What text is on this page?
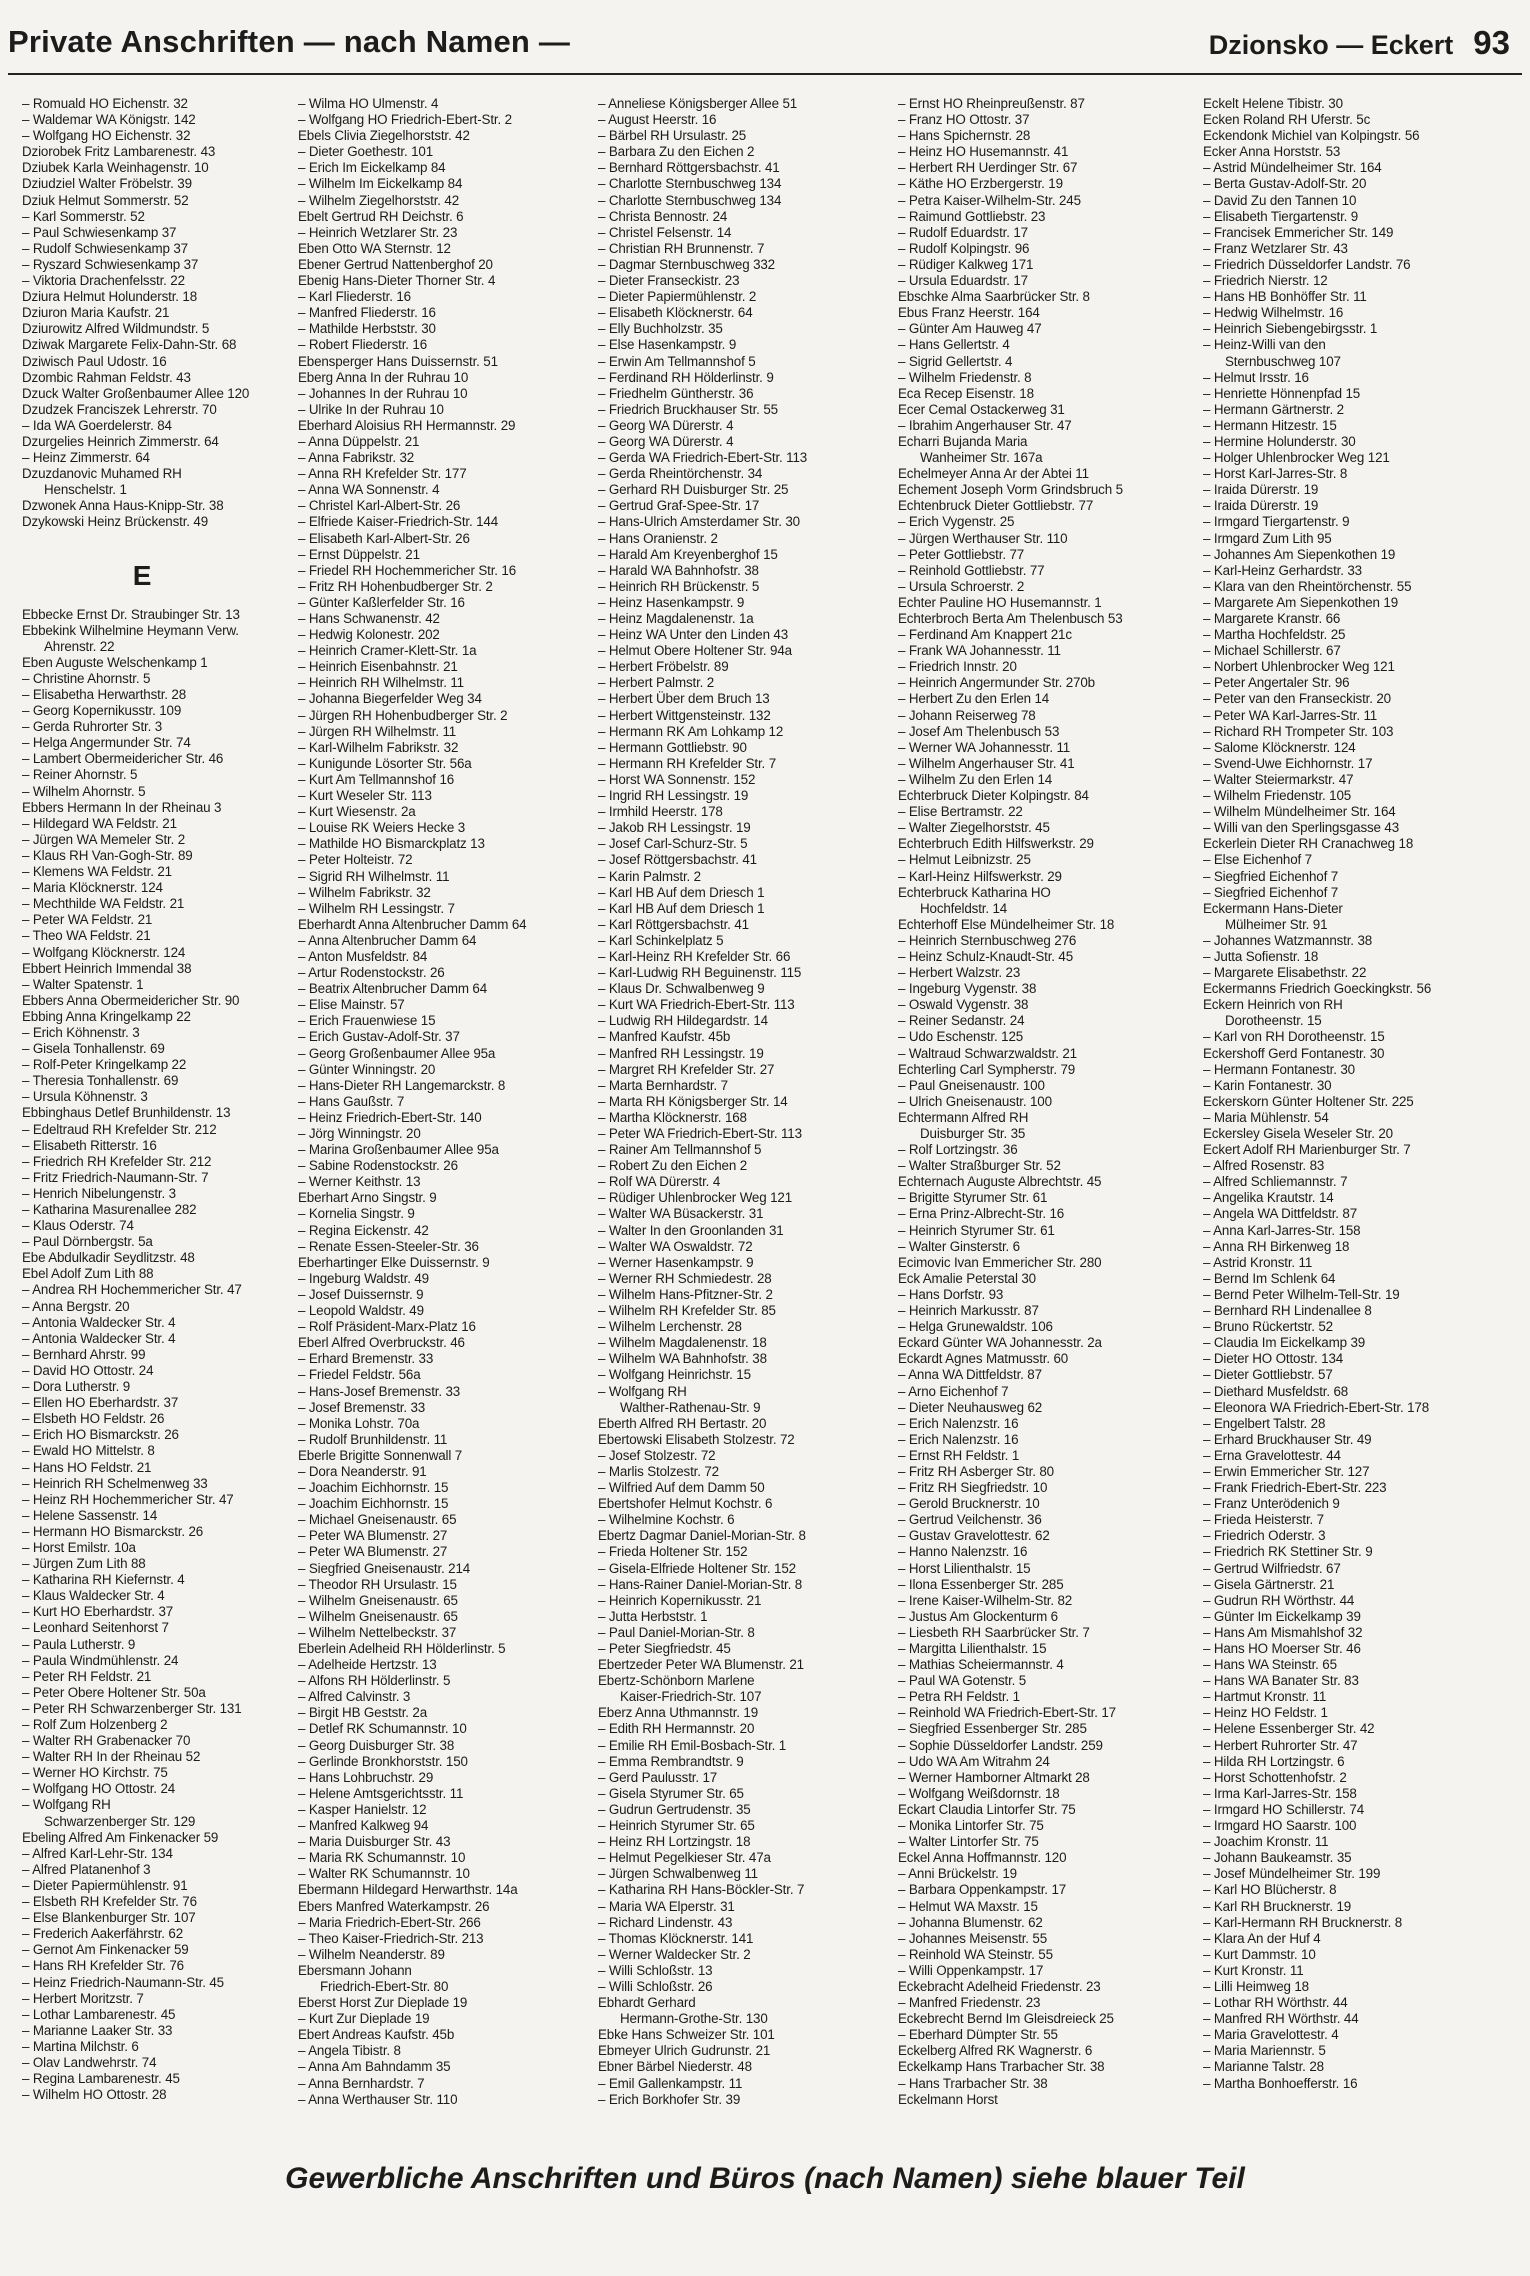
Private Anschriften — nach Namen —	Dzionsko — Eckert 93
– Romuald HO Eichenstr. 32
– Waldemar WA Königstr. 142
– Wolfgang HO Eichenstr. 32
Dziorobek Fritz Lambarenestr. 43
Dziubek Karla Weinhagenstr. 10
Dziudziel Walter Fröbelstr. 39
Dziuk Helmut Sommerstr. 52
– Karl Sommerstr. 52
– Paul Schwiesenkamp 37
– Rudolf Schwiesenkamp 37
– Ryszard Schwiesenkamp 37
– Viktoria Drachenfelsstr. 22
Dziura Helmut Holunderstr. 18
Dziuron Maria Kaufstr. 21
Dziurowitz Alfred Wildmundstr. 5
Dziwak Margarete Felix-Dahn-Str. 68
Dziwisch Paul Udostr. 16
Dzombic Rahman Feldstr. 43
Dzuck Walter Großenbaumer Allee 120
Dzudzek Franciszek Lehrerstr. 70
– Ida WA Goerdelerstr. 84
Dzurgelies Heinrich Zimmerstr. 64
– Heinz Zimmerstr. 64
Dzuzdanovic Muhamed RH
Henschelstr. 1
Dzwonek Anna Haus-Knipp-Str. 38
Dzykowski Heinz Brückenstr. 49
E
Ebbecke Ernst Dr. Straubinger Str. 13
Ebbekink Wilhelmine Heymann Verw.
Ahrenstr. 22
Eben Auguste Welschenkamp 1
– Christine Ahornstr. 5
– Elisabetha Herwarthstr. 28
– Georg Kopernikusstr. 109
– Gerda Ruhrorter Str. 3
– Helga Angermunder Str. 74
– Lambert Obermeidericher Str. 46
– Reiner Ahornstr. 5
– Wilhelm Ahornstr. 5
Ebbers Hermann In der Rheinau 3
– Hildegard WA Feldstr. 21
– Jürgen WA Memeler Str. 2
– Klaus RH Van-Gogh-Str. 89
– Klemens WA Feldstr. 21
– Maria Klöcknerstr. 124
– Mechthilde WA Feldstr. 21
– Peter WA Feldstr. 21
– Theo WA Feldstr. 21
– Wolfgang Klöcknerstr. 124
Ebbert Heinrich Immendal 38
– Walter Spatenstr. 1
Ebbers Anna Obermeidericher Str. 90
Ebbing Anna Kringelkamp 22
– Erich Köhnenstr. 3
– Gisela Tonhallenstr. 69
– Rolf-Peter Kringelkamp 22
– Theresia Tonhallenstr. 69
– Ursula Köhnenstr. 3
Ebbinghaus Detlef Brunhildenstr. 13
– Edeltraud RH Krefelder Str. 212
– Elisabeth Ritterstr. 16
– Friedrich RH Krefelder Str. 212
– Fritz Friedrich-Naumann-Str. 7
– Henrich Nibelungenstr. 3
– Katharina Masurenallee 282
– Klaus Oderstr. 74
– Paul Dörnbergstr. 5a
Ebe Abdulkadir Seydlitzstr. 48
Ebel Adolf Zum Lith 88
– Andrea RH Hochemmericher Str. 47
– Anna Bergstr. 20
– Antonia Waldecker Str. 4
– Antonia Waldecker Str. 4
– Bernhard Ahrstr. 99
– David HO Ottostr. 24
– Dora Lutherstr. 9
– Ellen HO Eberhardstr. 37
– Elsbeth HO Feldstr. 26
– Erich HO Bismarckstr. 26
– Ewald HO Mittelstr. 8
– Hans HO Feldstr. 21
– Heinrich RH Schelmenweg 33
– Heinz RH Hochemmericher Str. 47
– Helene Sassenstr. 14
– Hermann HO Bismarckstr. 26
– Horst Emilstr. 10a
– Jürgen Zum Lith 88
– Katharina RH Kiefernstr. 4
– Klaus Waldecker Str. 4
– Kurt HO Eberhardstr. 37
– Leonhard Seitenhorst 7
– Paula Lutherstr. 9
– Paula Windmühlenstr. 24
– Peter RH Feldstr. 21
– Peter Obere Holtener Str. 50a
– Peter RH Schwarzenberger Str. 131
– Rolf Zum Holzenberg 2
– Walter RH Grabenacker 70
– Walter RH In der Rheinau 52
– Werner HO Kirchstr. 75
– Wolfgang HO Ottostr. 24
– Wolfgang RH
Schwarzenberger Str. 129
Ebeling Alfred Am Finkenacker 59
– Alfred Karl-Lehr-Str. 134
– Alfred Platanenhof 3
– Dieter Papiermühlenstr. 91
– Elsbeth RH Krefelder Str. 76
– Else Blankenburger Str. 107
– Frederich Aakerfährstr. 62
– Gernot Am Finkenacker 59
– Hans RH Krefelder Str. 76
– Heinz Friedrich-Naumann-Str. 45
– Herbert Moritzstr. 7
– Lothar Lambarenestr. 45
– Marianne Laaker Str. 33
– Martina Milchstr. 6
– Olav Landwehrstr. 74
– Regina Lambarenestr. 45
– Wilhelm HO Ottostr. 28
– Wilma HO Ulmenstr. 4
– Wolfgang HO Friedrich-Ebert-Str. 2
Ebels Clivia Ziegelhorststr. 42
– Dieter Goethestr. 101
– Erich Im Eickelkamp 84
– Wilhelm Im Eickelkamp 84
– Wilhelm Ziegelhorststr. 42
Ebelt Gertrud RH Deichstr. 6
– Heinrich Wetzlarer Str. 23
Eben Otto WA Sternstr. 12
Ebener Gertrud Nattenberghof 20
Ebenig Hans-Dieter Thorner Str. 4
– Karl Fliederstr. 16
– Manfred Fliederstr. 16
– Mathilde Herbststr. 30
– Robert Fliederstr. 16
Ebensperger Hans Duissernstr. 51
Eberg Anna In der Ruhrau 10
– Johannes In der Ruhrau 10
– Ulrike In der Ruhrau 10
Eberhard Aloisius RH Hermannstr. 29
– Anna Düppelstr. 21
– Anna Fabrikstr. 32
– Anna RH Krefelder Str. 177
– Anna WA Sonnenstr. 4
– Christel Karl-Albert-Str. 26
– Elfriede Kaiser-Friedrich-Str. 144
– Elisabeth Karl-Albert-Str. 26
– Ernst Düppelstr. 21
– Friedel RH Hochemmericher Str. 16
– Fritz RH Hohenbudberger Str. 2
– Günter Kaßlerfelder Str. 16
– Hans Schwanenstr. 42
– Hedwig Kolonestr. 202
– Heinrich Cramer-Klett-Str. 1a
– Heinrich Eisenbahnstr. 21
– Heinrich RH Wilhelmstr. 11
– Johanna Biegerfelder Weg 34
– Jürgen RH Hohenbudberger Str. 2
– Jürgen RH Wilhelmstr. 11
– Karl-Wilhelm Fabrikstr. 32
– Kunigunde Lösorter Str. 56a
– Kurt Am Tellmannshof 16
– Kurt Weseler Str. 113
– Kurt Wiesenstr. 2a
– Louise RK Weiers Hecke 3
– Mathilde HO Bismarckplatz 13
– Peter Holteistr. 72
– Sigrid RH Wilhelmstr. 11
– Wilhelm Fabrikstr. 32
– Wilhelm RH Lessingstr. 7
Eberhardt Anna Altenbrucher Damm 64
– Anna Altenbrucher Damm 64
– Anton Musfeldstr. 84
– Artur Rodenstockstr. 26
– Beatrix Altenbrucher Damm 64
– Elise Mainstr. 57
– Erich Frauenwiese 15
– Erich Gustav-Adolf-Str. 37
– Georg Großenbaumer Allee 95a
– Günter Winningstr. 20
– Hans-Dieter RH Langemarckstr. 8
– Hans Gaußstr. 7
– Heinz Friedrich-Ebert-Str. 140
– Jörg Winningstr. 20
– Marina Großenbaumer Allee 95a
– Sabine Rodenstockstr. 26
– Werner Keithstr. 13
Eberhart Arno Singstr. 9
– Kornelia Singstr. 9
– Regina Eickenstr. 42
– Renate Essen-Steeler-Str. 36
Eberhartinger Elke Duissernstr. 9
– Ingeburg Waldstr. 49
– Josef Duissernstr. 9
– Leopold Waldstr. 49
– Rolf Präsident-Marx-Platz 16
Eberl Alfred Overbruckstr. 46
– Erhard Bremenstr. 33
– Friedel Feldstr. 56a
– Hans-Josef Bremenstr. 33
– Josef Bremenstr. 33
– Monika Lohstr. 70a
– Rudolf Brunhildenstr. 11
Eberle Brigitte Sonnenwall 7
– Dora Neanderstr. 91
– Joachim Eichhornstr. 15
– Joachim Eichhornstr. 15
– Michael Gneisenaustr. 65
– Peter WA Blumenstr. 27
– Peter WA Blumenstr. 27
– Siegfried Gneisenaustr. 214
– Theodor RH Ursulastr. 15
– Wilhelm Gneisenaustr. 65
– Wilhelm Gneisenaustr. 65
– Wilhelm Nettelbeckstr. 37
Eberlein Adelheid RH Hölderlinstr. 5
– Adelheide Hertzstr. 13
– Alfons RH Hölderlinstr. 5
– Alfred Calvinstr. 3
– Birgit HB Geststr. 2a
– Detlef RK Schumannstr. 10
– Georg Duisburger Str. 38
– Gerlinde Bronkhorststr. 150
– Hans Lohbruchstr. 29
– Helene Amtsgerichtsstr. 11
– Kasper Hanielstr. 12
– Manfred Kalkweg 94
– Maria Duisburger Str. 43
– Maria RK Schumannstr. 10
– Walter RK Schumannstr. 10
Ebermann Hildegard Herwarthstr. 14a
Ebers Manfred Waterkampstr. 26
– Maria Friedrich-Ebert-Str. 266
– Theo Kaiser-Friedrich-Str. 213
– Wilhelm Neanderstr. 89
Ebersmann Johann
Friedrich-Ebert-Str. 80
Eberst Horst Zur Dieplade 19
– Kurt Zur Dieplade 19
Ebert Andreas Kaufstr. 45b
– Angela Tibistr. 8
– Anna Am Bahndamm 35
– Anna Bernhardstr. 7
– Anna Werthauser Str. 110
– Anneliese Königsberger Allee 51
– August Heerstr. 16
– Bärbel RH Ursulastr. 25
– Barbara Zu den Eichen 2
– Bernhard Röttgersbachstr. 41
– Charlotte Sternbuschweg 134
– Charlotte Sternbuschweg 134
– Christa Bennostr. 24
– Christel Felsenstr. 14
– Christian RH Brunnenstr. 7
– Dagmar Sternbuschweg 332
– Dieter Franseckistr. 23
– Dieter Papiermühlenstr. 2
– Elisabeth Klöcknerstr. 64
– Elly Buchholzstr. 35
– Else Hasenkampstr. 9
– Erwin Am Tellmannshof 5
– Ferdinand RH Hölderlinstr. 9
– Friedhelm Güntherstr. 36
– Friedrich Bruckhauser Str. 55
– Georg WA Dürerstr. 4
– Georg WA Dürerstr. 4
– Gerda WA Friedrich-Ebert-Str. 113
– Gerda Rheintörchenstr. 34
– Gerhard RH Duisburger Str. 25
– Gertrud Graf-Spee-Str. 17
– Hans-Ulrich Amsterdamer Str. 30
– Hans Oranienstr. 2
– Harald Am Kreyenberghof 15
– Harald WA Bahnhofstr. 38
– Heinrich RH Brückenstr. 5
– Heinz Hasenkampstr. 9
– Heinz Magdalenenstr. 1a
– Heinz WA Unter den Linden 43
– Helmut Obere Holtener Str. 94a
– Herbert Fröbelstr. 89
– Herbert Palmstr. 2
– Herbert Über dem Bruch 13
– Herbert Wittgensteinstr. 132
– Hermann RK Am Lohkamp 12
– Hermann Gottliebstr. 90
– Hermann RH Krefelder Str. 7
– Horst WA Sonnenstr. 152
– Ingrid RH Lessingstr. 19
– Irmhild Heerstr. 178
– Jakob RH Lessingstr. 19
– Josef Carl-Schurz-Str. 5
– Josef Röttgersbachstr. 41
– Karin Palmstr. 2
– Karl HB Auf dem Driesch 1
– Karl HB Auf dem Driesch 1
– Karl Röttgersbachstr. 41
– Karl Schinkelplatz 5
– Karl-Heinz RH Krefelder Str. 66
– Karl-Ludwig RH Beguinenstr. 115
– Klaus Dr. Schwalbenweg 9
– Kurt WA Friedrich-Ebert-Str. 113
– Ludwig RH Hildegardstr. 14
– Manfred Kaufstr. 45b
– Manfred RH Lessingstr. 19
– Margret RH Krefelder Str. 27
– Marta Bernhardstr. 7
– Marta RH Königsberger Str. 14
– Martha Klöcknerstr. 168
– Peter WA Friedrich-Ebert-Str. 113
– Rainer Am Tellmannshof 5
– Robert Zu den Eichen 2
– Rolf WA Dürerstr. 4
– Rüdiger Uhlenbrocker Weg 121
– Walter WA Büsackerstr. 31
– Walter In den Groonlanden 31
– Walter WA Oswaldstr. 72
– Werner Hasenkampstr. 9
– Werner RH Schmiedestr. 28
– Wilhelm Hans-Pfitzner-Str. 2
– Wilhelm RH Krefelder Str. 85
– Wilhelm Lerchenstr. 28
– Wilhelm Magdalenenstr. 18
– Wilhelm WA Bahnhofstr. 38
– Wolfgang Heinrichstr. 15
– Wolfgang RH
Walther-Rathenau-Str. 9
Eberth Alfred RH Bertastr. 20
Ebertowski Elisabeth Stolzestr. 72
– Josef Stolzestr. 72
– Marlis Stolzestr. 72
– Wilfried Auf dem Damm 50
Ebertshofer Helmut Kochstr. 6
– Wilhelmine Kochstr. 6
Ebertz Dagmar Daniel-Morian-Str. 8
– Frieda Holtener Str. 152
– Gisela-Elfriede Holtener Str. 152
– Hans-Rainer Daniel-Morian-Str. 8
– Heinrich Kopernikusstr. 21
– Jutta Herbststr. 1
– Paul Daniel-Morian-Str. 8
– Peter Siegfriedstr. 45
Ebertzeder Peter WA Blumenstr. 21
Ebertz-Schönborn Marlene
Kaiser-Friedrich-Str. 107
Eberz Anna Uthmannstr. 19
– Edith RH Hermannstr. 20
– Emilie RH Emil-Bosbach-Str. 1
– Emma Rembrandtstr. 9
– Gerd Paulusstr. 17
– Gisela Styrumer Str. 65
– Gudrun Gertrudenstr. 35
– Heinrich Styrumer Str. 65
– Heinz RH Lortzingstr. 18
– Helmut Pegelkieser Str. 47a
– Jürgen Schwalbenweg 11
– Katharina RH Hans-Böckler-Str. 7
– Maria WA Elperstr. 31
– Richard Lindenstr. 43
– Thomas Klöcknerstr. 141
– Werner Waldecker Str. 2
– Willi Schloßstr. 13
– Willi Schloßstr. 26
Ebhardt Gerhard
Hermann-Grothe-Str. 130
Ebke Hans Schweizer Str. 101
Ebmeyer Ulrich Gudrunstr. 21
Ebner Bärbel Niederstr. 48
– Emil Gallenkampstr. 11
– Erich Borkhofer Str. 39
– Ernst HO Rheinpreußenstr. 87
– Franz HO Ottostr. 37
– Hans Spichernstr. 28
– Heinz HO Husemannstr. 41
– Herbert RH Uerdinger Str. 67
– Käthe HO Erzbergerstr. 19
– Petra Kaiser-Wilhelm-Str. 245
– Raimund Gottliebstr. 23
– Rudolf Eduardstr. 17
– Rudolf Kolpingstr. 96
– Rüdiger Kalkweg 171
– Ursula Eduardstr. 17
Ebschke Alma Saarbrücker Str. 8
Ebus Franz Heerstr. 164
– Günter Am Hauweg 47
– Hans Gellertstr. 4
– Sigrid Gellertstr. 4
– Wilhelm Friedenstr. 8
Eca Recep Eisenstr. 18
Ecer Cemal Ostackerweg 31
– Ibrahim Angerhauser Str. 47
Echarri Bujanda Maria
Wanheimer Str. 167a
Echelmeyer Anna Ar der Abtei 11
Echement Joseph Vorm Grindsbruch 5
Echtenbruck Dieter Gottliebstr. 77
– Erich Vygenstr. 25
– Jürgen Werthauser Str. 110
– Peter Gottliebstr. 77
– Reinhold Gottliebstr. 77
– Ursula Schroerstr. 2
Echter Pauline HO Husemannstr. 1
Echterbroch Berta Am Thelenbusch 53
– Ferdinand Am Knappert 21c
– Frank WA Johannesstr. 11
– Friedrich Innstr. 20
– Heinrich Angermunder Str. 270b
– Herbert Zu den Erlen 14
– Johann Reiserweg 78
– Josef Am Thelenbusch 53
– Werner WA Johannesstr. 11
– Wilhelm Angerhauser Str. 41
– Wilhelm Zu den Erlen 14
Echterbruck Dieter Kolpingstr. 84
– Elise Bertramstr. 22
– Walter Ziegelhorststr. 45
Echterbruch Edith Hilfswerkstr. 29
– Helmut Leibnizstr. 25
– Karl-Heinz Hilfswerkstr. 29
Echterbruck Katharina HO
Hochfeldstr. 14
Echterhoff Else Mündelheimer Str. 18
– Heinrich Sternbuschweg 276
– Heinz Schulz-Knaudt-Str. 45
– Herbert Walzstr. 23
– Ingeburg Vygenstr. 38
– Oswald Vygenstr. 38
– Reiner Sedanstr. 24
– Udo Eschenstr. 125
– Waltraud Schwarzwaldstr. 21
Echterling Carl Sympherstr. 79
– Paul Gneisenaustr. 100
– Ulrich Gneisenaustr. 100
Echtermann Alfred RH
Duisburger Str. 35
– Rolf Lortzingstr. 36
– Walter Straßburger Str. 52
Echternach Auguste Albrechtstr. 45
– Brigitte Styrumer Str. 61
– Erna Prinz-Albrecht-Str. 16
– Heinrich Styrumer Str. 61
– Walter Ginsterstr. 6
Ecimovic Ivan Emmericher Str. 280
Eck Amalie Peterstal 30
– Hans Dorfstr. 93
– Heinrich Markusstr. 87
– Helga Grunewaldstr. 106
Eckard Günter WA Johannesstr. 2a
Eckardt Agnes Matmusstr. 60
– Anna WA Dittfeldstr. 87
– Arno Eichenhof 7
– Dieter Neuhausweg 62
– Erich Nalenzstr. 16
– Erich Nalenzstr. 16
– Ernst RH Feldstr. 1
– Fritz RH Asberger Str. 80
– Fritz RH Siegfriedstr. 10
– Gerold Brucknerstr. 10
– Gertrud Veilchenstr. 36
– Gustav Gravelottestr. 62
– Hanno Nalenzstr. 16
– Horst Lilienthalstr. 15
– Ilona Essenberger Str. 285
– Irene Kaiser-Wilhelm-Str. 82
– Justus Am Glockenturm 6
– Liesbeth RH Saarbrücker Str. 7
– Margitta Lilienthalstr. 15
– Mathias Scheiermannstr. 4
– Paul WA Gotenstr. 5
– Petra RH Feldstr. 1
– Reinhold WA Friedrich-Ebert-Str. 17
– Siegfried Essenberger Str. 285
– Sophie Düsseldorfer Landstr. 259
– Udo WA Am Witrahm 24
– Werner Hamborner Altmarkt 28
– Wolfgang Weißdornstr. 18
Eckart Claudia Lintorfer Str. 75
– Monika Lintorfer Str. 75
– Walter Lintorfer Str. 75
Eckel Anna Hoffmannstr. 120
– Anni Brückelstr. 19
– Barbara Oppenkampstr. 17
– Helmut WA Maxstr. 15
– Johanna Blumenstr. 62
– Johannes Meisenstr. 55
– Reinhold WA Steinstr. 55
– Willi Oppenkampstr. 17
Eckebracht Adelheid Friedenstr. 23
– Manfred Friedenstr. 23
Eckebrecht Bernd Im Gleisdreieck 25
– Eberhard Dümpter Str. 55
Eckelberg Alfred RK Wagnerstr. 6
Eckelkamp Hans Trarbacher Str. 38
– Hans Trarbacher Str. 38
Eckelmann Horst
Eckelt Helene Tibistr. 30
Ecken Roland RH Uferstr. 5c
Eckendonk Michiel van Kolpingstr. 56
Ecker Anna Horststr. 53
– Astrid Mündelheimer Str. 164
– Berta Gustav-Adolf-Str. 20
– David Zu den Tannen 10
– Elisabeth Tiergartenstr. 9
– Francisek Emmericher Str. 149
– Franz Wetzlarer Str. 43
– Friedrich Düsseldorfer Landstr. 76
– Friedrich Nierstr. 12
– Hans HB Bonhöffer Str. 11
– Hedwig Wilhelmstr. 16
– Heinrich Siebengebirgsstr. 1
– Heinz-Willi van den
Sternbuschweg 107
– Helmut Irsstr. 16
– Henriette Hönnenpfad 15
– Hermann Gärtnerstr. 2
– Hermann Hitzestr. 15
– Hermine Holunderstr. 30
– Holger Uhlenbrocker Weg 121
– Horst Karl-Jarres-Str. 8
– Iraida Dürerstr. 19
– Iraida Dürerstr. 19
– Irmgard Tiergartenstr. 9
– Irmgard Zum Lith 95
– Johannes Am Siepenkothen 19
– Karl-Heinz Gerhardstr. 33
– Klara van den Rheintörchenstr. 55
– Margarete Am Siepenkothen 19
– Margarete Kranstr. 66
– Martha Hochfeldstr. 25
– Michael Schillerstr. 67
– Norbert Uhlenbrocker Weg 121
– Peter Angertaler Str. 96
– Peter van den Franseckistr. 20
– Peter WA Karl-Jarres-Str. 11
– Richard RH Trompeter Str. 103
– Salome Klöcknerstr. 124
– Svend-Uwe Eichhornstr. 17
– Walter Steiermarkstr. 47
– Wilhelm Friedenstr. 105
– Wilhelm Mündelheimer Str. 164
– Willi van den Sperlingsgasse 43
Eckerlein Dieter RH Cranachweg 18
– Else Eichenhof 7
– Siegfried Eichenhof 7
– Siegfried Eichenhof 7
Eckermann Hans-Dieter
Mülheimer Str. 91
– Johannes Watzmannstr. 38
– Jutta Sofienstr. 18
– Margarete Elisabethstr. 22
Eckermanns Friedrich Goeckingkstr. 56
Eckern Heinrich von RH
Dorotheenstr. 15
– Karl von RH Dorotheenstr. 15
Eckershoff Gerd Fontanestr. 30
– Hermann Fontanestr. 30
– Karin Fontanestr. 30
Eckerskorn Günter Holtener Str. 225
– Maria Mühlenstr. 54
Eckersley Gisela Weseler Str. 20
Eckert Adolf RH Marienburger Str. 7
– Alfred Rosenstr. 83
– Alfred Schliemannstr. 7
– Angelika Krautstr. 14
– Angela WA Dittfeldstr. 87
– Anna Karl-Jarres-Str. 158
– Anna RH Birkenweg 18
– Astrid Kronstr. 11
– Bernd Im Schlenk 64
– Bernd Peter Wilhelm-Tell-Str. 19
– Bernhard RH Lindenallee 8
– Bruno Rückertstr. 52
– Claudia Im Eickelkamp 39
– Dieter HO Ottostr. 134
– Dieter Gottliebstr. 57
– Diethard Musfeldstr. 68
– Eleonora WA Friedrich-Ebert-Str. 178
– Engelbert Talstr. 28
– Erhard Bruckhauser Str. 49
– Erna Gravelottestr. 44
– Erwin Emmericher Str. 127
– Frank Friedrich-Ebert-Str. 223
– Franz Unterödenich 9
– Frieda Heisterstr. 7
– Friedrich Oderstr. 3
– Friedrich RK Stettiner Str. 9
– Gertrud Wilfriedstr. 67
– Gisela Gärtnerstr. 21
– Gudrun RH Wörthstr. 44
– Günter Im Eickelkamp 39
– Hans Am Mismahlshof 32
– Hans HO Moerser Str. 46
– Hans WA Steinstr. 65
– Hans WA Banater Str. 83
– Hartmut Kronstr. 11
– Heinz HO Feldstr. 1
– Helene Essenberger Str. 42
– Herbert Ruhrorter Str. 47
– Hilda RH Lortzingstr. 6
– Horst Schottenhofstr. 2
– Irma Karl-Jarres-Str. 158
– Irmgard HO Schillerstr. 74
– Irmgard HO Saarstr. 100
– Joachim Kronstr. 11
– Johann Baukeamstr. 35
– Josef Mündelheimer Str. 199
– Karl HO Blücherstr. 8
– Karl RH Brucknerstr. 19
– Karl-Hermann RH Brucknerstr. 8
– Klara An der Huf 4
– Kurt Dammstr. 10
– Kurt Kronstr. 11
– Lilli Heimweg 18
– Lothar RH Wörthstr. 44
– Manfred RH Wörthstr. 44
– Maria Gravelottestr. 4
– Maria Mariennstr. 5
– Marianne Talstr. 28
– Martha Bonhoefferstr. 16
Gewerbliche Anschriften und Büros (nach Namen) siehe blauer Teil
